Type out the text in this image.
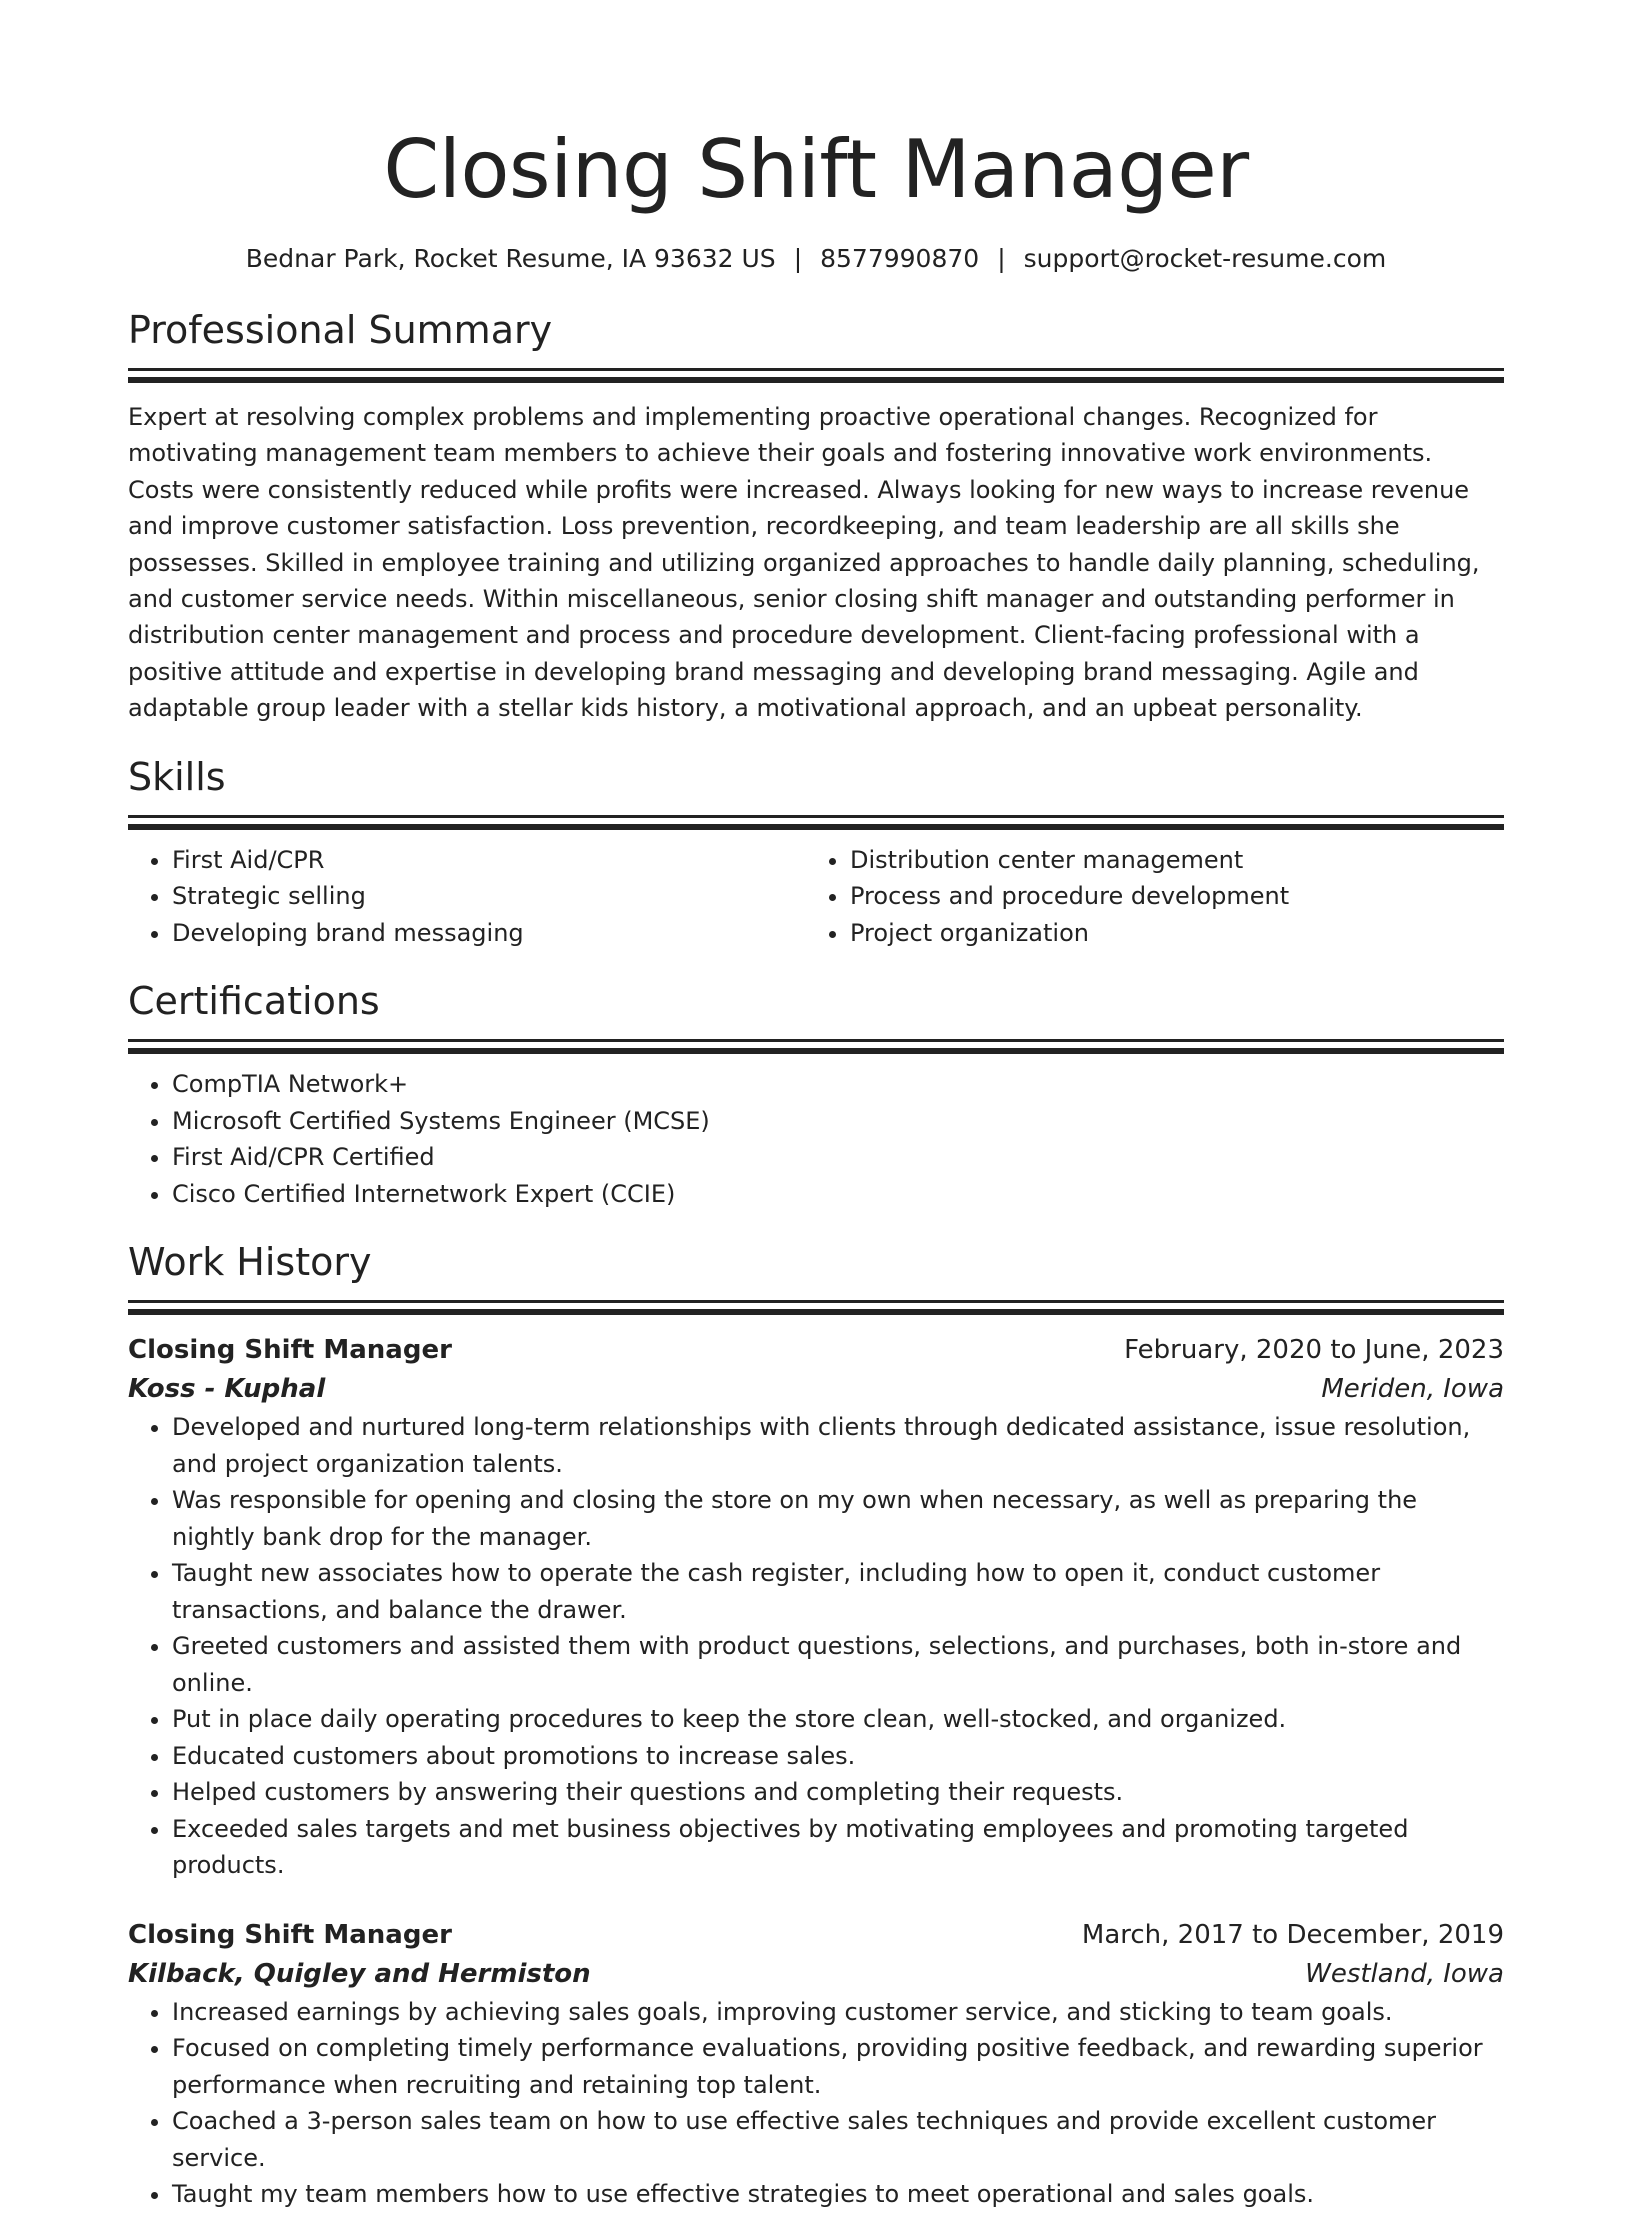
Closing Shift Manager
Bednar Park, Rocket Resume, IA 93632 US | 8577990870 | support@rocket-resume.com
Professional Summary
Expert at resolving complex problems and implementing proactive operational changes. Recognized for motivating management team members to achieve their goals and fostering innovative work environments. Costs were consistently reduced while profits were increased. Always looking for new ways to increase revenue and improve customer satisfaction. Loss prevention, recordkeeping, and team leadership are all skills she possesses. Skilled in employee training and utilizing organized approaches to handle daily planning, scheduling, and customer service needs. Within miscellaneous, senior closing shift manager and outstanding performer in distribution center management and process and procedure development. Client-facing professional with a positive attitude and expertise in developing brand messaging and developing brand messaging. Agile and adaptable group leader with a stellar kids history, a motivational approach, and an upbeat personality.
Skills
• First Aid/CPR
• Strategic selling
• Developing brand messaging
• Distribution center management
• Process and procedure development
• Project organization
Certifications
• CompTIA Network+
• Microsoft Certified Systems Engineer (MCSE)
• First Aid/CPR Certified
• Cisco Certified Internetwork Expert (CCIE)
Work History
Closing Shift Manager	February, 2020 to June, 2023
Koss - Kuphal	Meriden, Iowa
• Developed and nurtured long-term relationships with clients through dedicated assistance, issue resolution, and project organization talents.
• Was responsible for opening and closing the store on my own when necessary, as well as preparing the nightly bank drop for the manager.
• Taught new associates how to operate the cash register, including how to open it, conduct customer transactions, and balance the drawer.
• Greeted customers and assisted them with product questions, selections, and purchases, both in-store and online.
• Put in place daily operating procedures to keep the store clean, well-stocked, and organized.
• Educated customers about promotions to increase sales.
• Helped customers by answering their questions and completing their requests.
• Exceeded sales targets and met business objectives by motivating employees and promoting targeted products.
Closing Shift Manager	March, 2017 to December, 2019
Kilback, Quigley and Hermiston	Westland, Iowa
• Increased earnings by achieving sales goals, improving customer service, and sticking to team goals.
• Focused on completing timely performance evaluations, providing positive feedback, and rewarding superior performance when recruiting and retaining top talent.
• Coached a 3-person sales team on how to use effective sales techniques and provide excellent customer service.
• Taught my team members how to use effective strategies to meet operational and sales goals.
